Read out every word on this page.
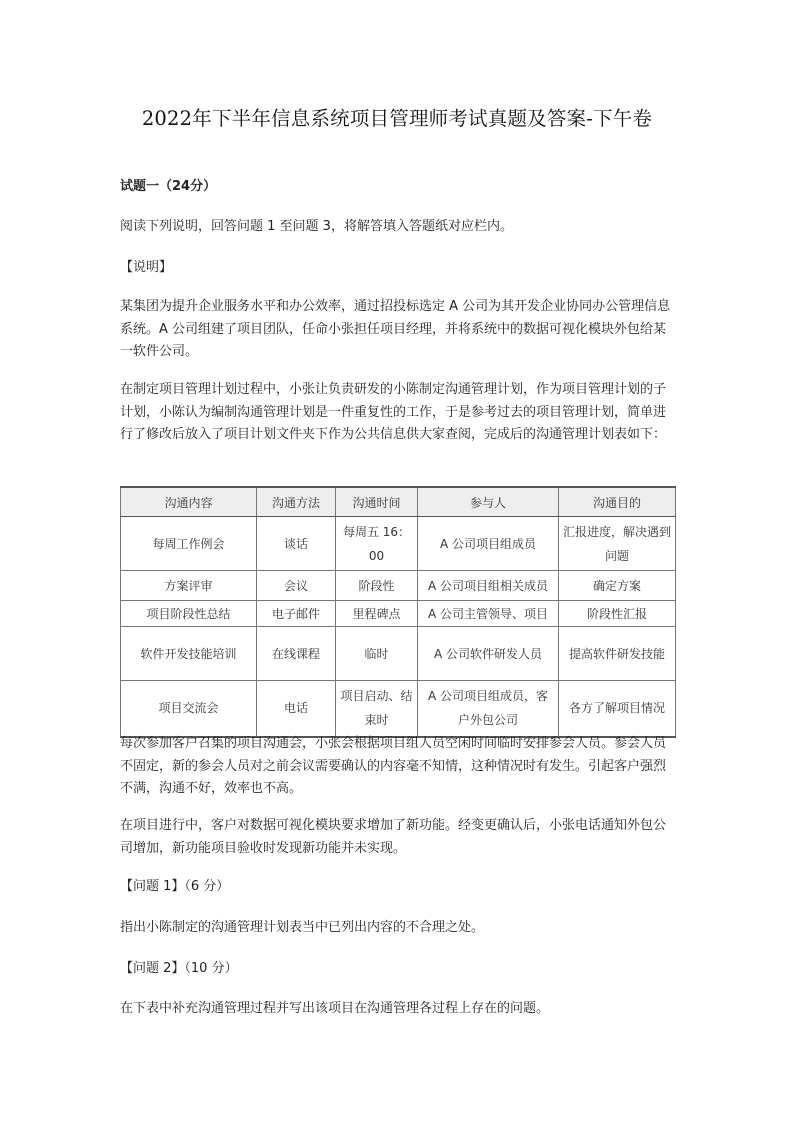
2022年下半年信息系统项目管理师考试真题及答案-下午卷
试题一（24分）
阅读下列说明，回答问题 1 至问题 3，将解答填入答题纸对应栏内。
【说明】
某集团为提升企业服务水平和办公效率，通过招投标选定 A 公司为其开发企业协同办公管理信息系统。A 公司组建了项目团队，任命小张担任项目经理，并将系统中的数据可视化模块外包给某一软件公司。
在制定项目管理计划过程中，小张让负责研发的小陈制定沟通管理计划，作为项目管理计划的子计划，小陈认为编制沟通管理计划是一件重复性的工作，于是参考过去的项目管理计划，简单进行了修改后放入了项目计划文件夹下作为公共信息供大家查阅，完成后的沟通管理计划表如下：
沟通内容	沟通方法	沟通时间	参与人	沟通目的
每周工作例会	谈话	每周五 16：00	A 公司项目组成员	汇报进度，解决遇到问题
方案评审	会议	阶段性	A 公司项目组相关成员	确定方案
项目阶段性总结	电子邮件	里程碑点	A 公司主管领导、项目	阶段性汇报
软件开发技能培训	在线课程	临时	A 公司软件研发人员	提高软件研发技能
项目交流会	电话	项目启动、结束时	A 公司项目组成员，客户外包公司	各方了解项目情况
每次参加客户召集的项目沟通会，小张会根据项目组人员空闲时间临时安排参会人员。参会人员不固定，新的参会人员对之前会议需要确认的内容毫不知情，这种情况时有发生。引起客户强烈不满，沟通不好，效率也不高。
在项目进行中，客户对数据可视化模块要求增加了新功能。经变更确认后，小张电话通知外包公司增加，新功能项目验收时发现新功能并未实现。
【问题 1】（6 分）
指出小陈制定的沟通管理计划表当中已列出内容的不合理之处。
【问题 2】（10 分）
在下表中补充沟通管理过程并写出该项目在沟通管理各过程上存在的问题。
